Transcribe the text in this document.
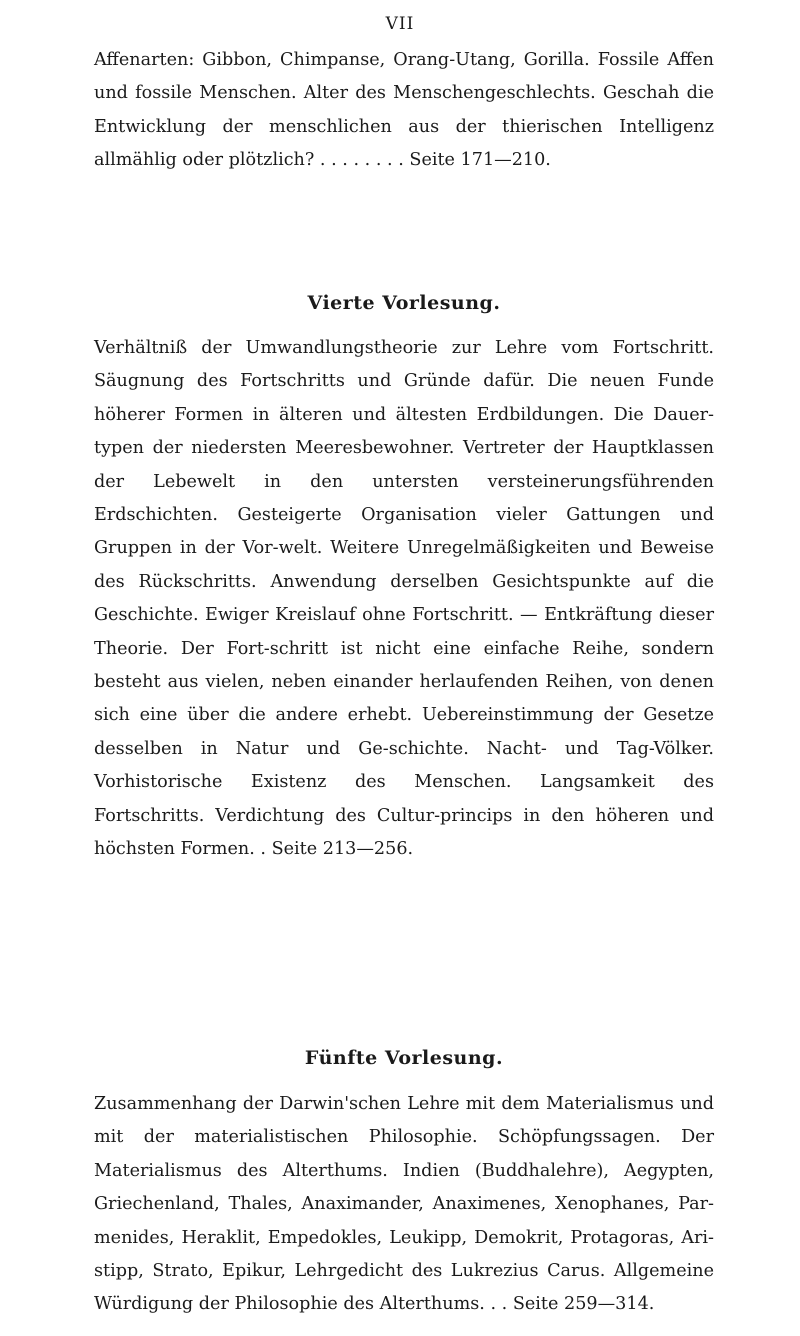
VII

Affenarten: Gibbon, Chimpanse, Orang-Utang, Gorilla. Fossile Affen und fossile Menschen. Alter des Menschengeschlechts. Geschah die Entwicklung der menschlichen aus der thierischen Intelligenz allmählig oder plötzlich? . . . . . . . . Seite 171—210.

Vierte Vorlesung.

Verhältniß der Umwandlungstheorie zur Lehre vom Fortschritt. Säugnung des Fortschritts und Gründe dafür. Die neuen Funde höherer Formen in älteren und ältesten Erdbildungen. Die Dauer-typen der niedersten Meeresbewohner. Vertreter der Hauptklassen der Lebewelt in den untersten versteinerungsführenden Erdschichten. Gesteigerte Organisation vieler Gattungen und Gruppen in der Vor-welt. Weitere Unregelmäßigkeiten und Beweise des Rückschritts. Anwendung derselben Gesichtspunkte auf die Geschichte. Ewiger Kreislauf ohne Fortschritt. — Entkräftung dieser Theorie. Der Fort-schritt ist nicht eine einfache Reihe, sondern besteht aus vielen, neben einander herlaufenden Reihen, von denen sich eine über die andere erhebt. Uebereinstimmung der Gesetze desselben in Natur und Ge-schichte. Nacht- und Tag-Völker. Vorhistorische Existenz des Menschen. Langsamkeit des Fortschritts. Verdichtung des Cultur-princips in den höheren und höchsten Formen. . Seite 213—256.

Fünfte Vorlesung.

Zusammenhang der Darwin'schen Lehre mit dem Materialismus und mit der materialistischen Philosophie. Schöpfungssagen. Der Materialismus des Alterthums. Indien (Buddhalehre), Aegypten, Griechenland, Thales, Anaximander, Anaximenes, Xenophanes, Par-menides, Heraklit, Empedokles, Leukipp, Demokrit, Protagoras, Ari-stipp, Strato, Epikur, Lehrgedicht des Lukrezius Carus. Allgemeine Würdigung der Philosophie des Alterthums. . . Seite 259—314.
